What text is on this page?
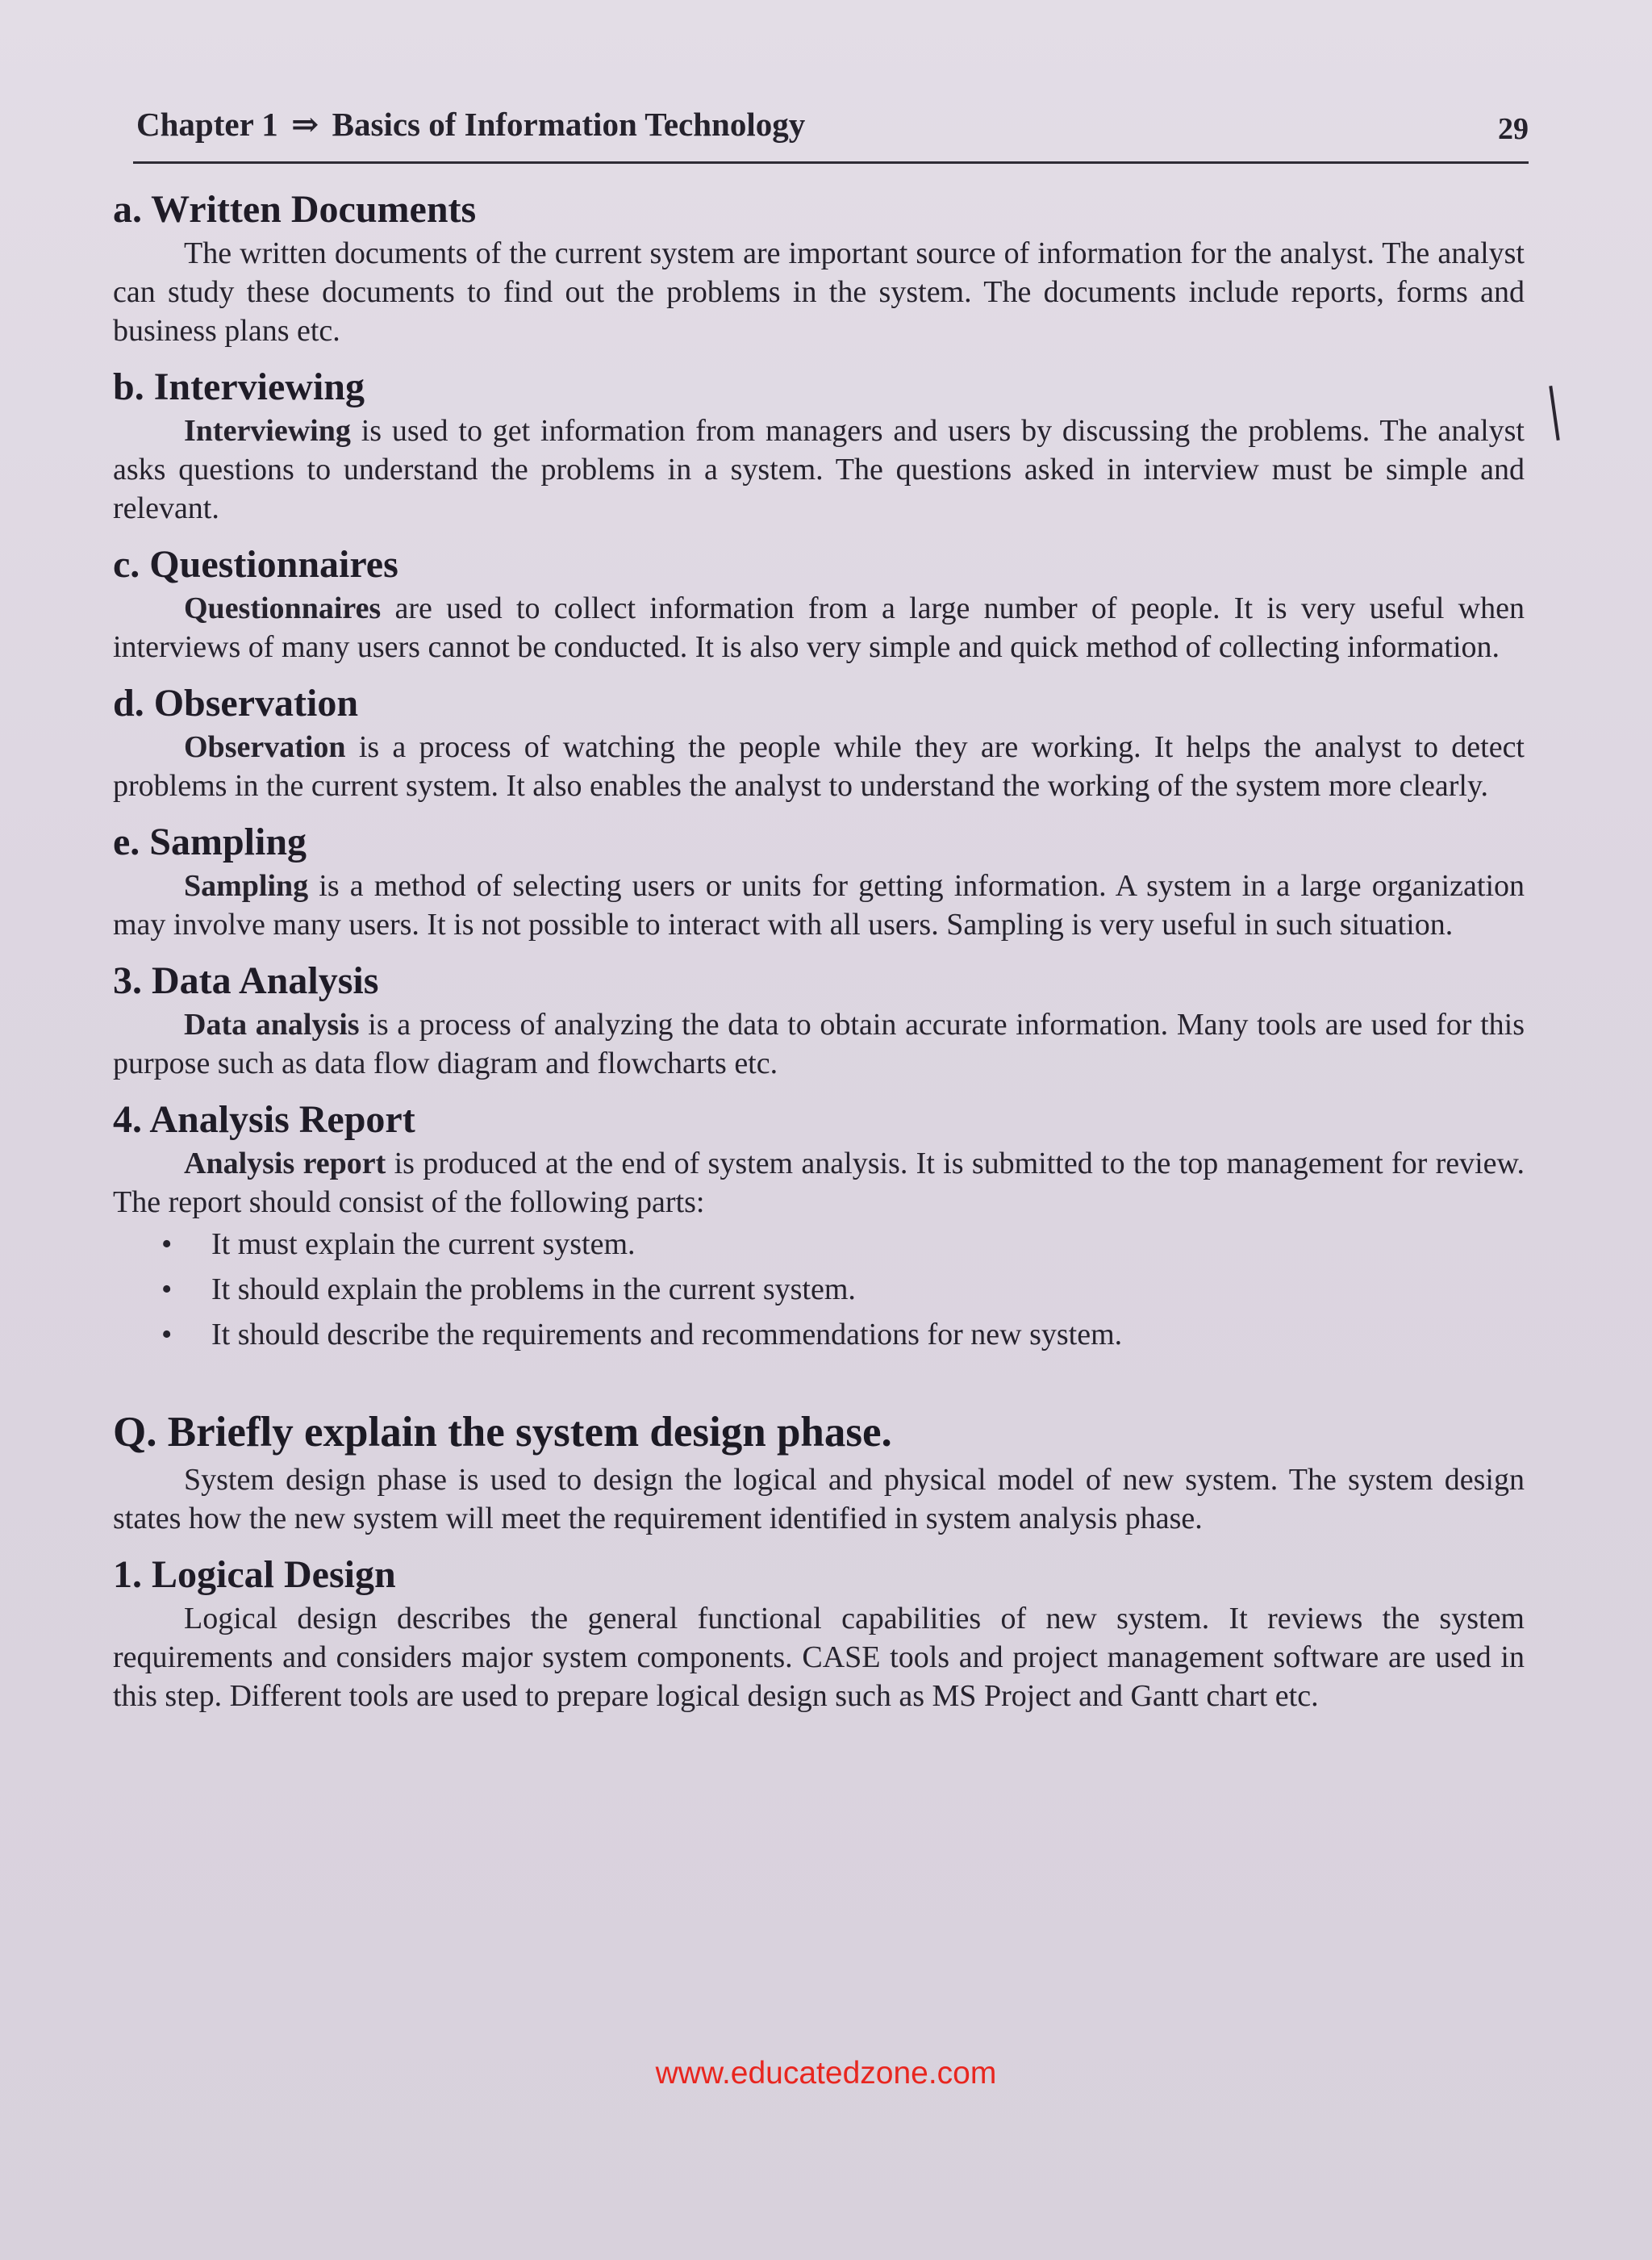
Chapter 1 ⇒ Basics of Information Technology	29
a. Written Documents

The written documents of the current system are important source of information for the analyst. The analyst can study these documents to find out the problems in the system. The documents include reports, forms and business plans etc.

b. Interviewing

Interviewing is used to get information from managers and users by discussing the problems. The analyst asks questions to understand the problems in a system. The questions asked in interview must be simple and relevant.

c. Questionnaires

Questionnaires are used to collect information from a large number of people. It is very useful when interviews of many users cannot be conducted. It is also very simple and quick method of collecting information.

d. Observation

Observation is a process of watching the people while they are working. It helps the analyst to detect problems in the current system. It also enables the analyst to understand the working of the system more clearly.

e. Sampling

Sampling is a method of selecting users or units for getting information. A system in a large organization may involve many users. It is not possible to interact with all users. Sampling is very useful in such situation.

3. Data Analysis

Data analysis is a process of analyzing the data to obtain accurate information. Many tools are used for this purpose such as data flow diagram and flowcharts etc.

4. Analysis Report

Analysis report is produced at the end of system analysis. It is submitted to the top management for review. The report should consist of the following parts:

• It must explain the current system.
• It should explain the problems in the current system.
• It should describe the requirements and recommendations for new system.
Q. Briefly explain the system design phase.

System design phase is used to design the logical and physical model of new system. The system design states how the new system will meet the requirement identified in system analysis phase.

1. Logical Design

Logical design describes the general functional capabilities of new system. It reviews the system requirements and considers major system components. CASE tools and project management software are used in this step. Different tools are used to prepare logical design such as MS Project and Gantt chart etc.

www.educatedzone.com
